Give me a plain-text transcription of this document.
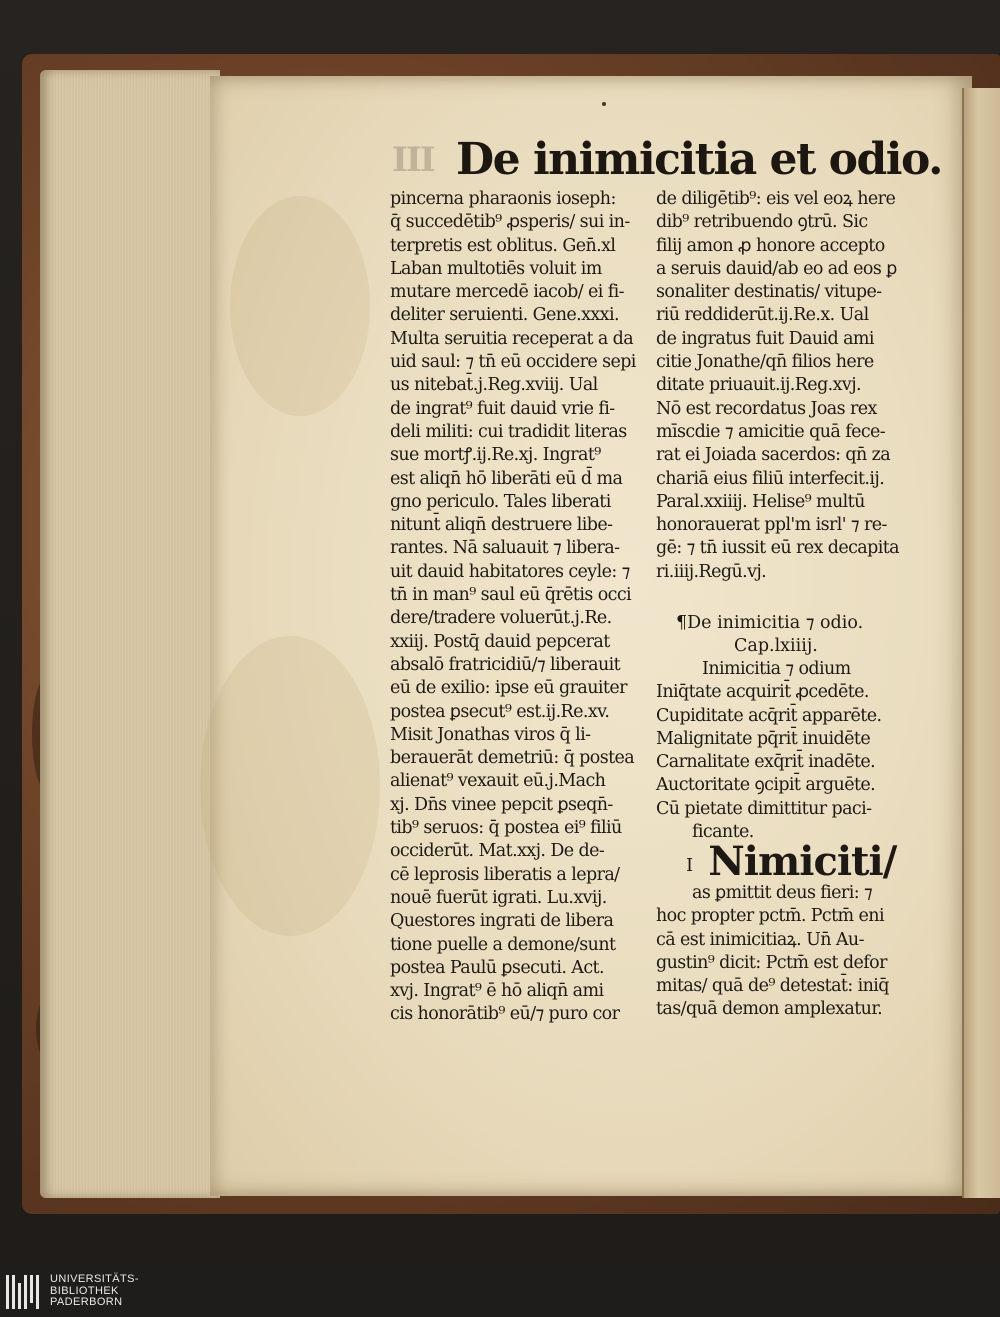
III De inimicitia et odio.
pincerna pharaonis ioseph:
q̄ succedētib⁹ ꝓsperis/ sui in-
terpretis est oblitus. Gen̄.xl
Laban multotiēs voluit im
mutare mercedē iacob/ ei fi-
deliter seruienti. Gene.xxxi.
Multa seruitia receperat a da
uid saul: ⁊ tn̄ eū occidere sepi
us nitebat̄.j.Reg.xviij. Ual
de ingrat⁹ fuit dauid vrie fi-
deli militi: cui tradidit literas
sue mortꝭ.ij.Re.xj. Ingrat⁹
est aliqn̄ hō liberāti eū d̄ ma
gno periculo. Tales liberati
nitunt̄ aliqn̄ destruere libe-
rantes. Nā saluauit ⁊ libera-
uit dauid habitatores ceyle: ⁊
tn̄ in man⁹ saul eū q̄rētis occi
dere/tradere voluerūt.j.Re.
xxiij. Postq̄ dauid pepcerat
absalō fratricidiū/⁊ liberauit
eū de exilio: ipse eū grauiter
postea ꝑsecut⁹ est.ij.Re.xv.
Misit Jonathas viros q̄ li-
berauerāt demetriū: q̄ postea
alienat⁹ vexauit eū.j.Mach
xj. Dn̄s vinee pepcit ꝑseqn̄-
tib⁹ seruos: q̄ postea ei⁹ filiū
occiderūt. Mat.xxj. De de-
cē leprosis liberatis a lepra/
nouē fuerūt igrati. Lu.xvij.
Questores ingrati de libera
tione puelle a demone/sunt
postea Paulū ꝑsecuti. Act.
xvj. Ingrat⁹ ē hō aliqn̄ ami
cis honorātib⁹ eū/⁊ puro cor
de diligētib⁹: eis vel eoꝝ here
dib⁹ retribuendo ꝯtrū. Sic
filij amon ꝓ honore accepto
a seruis dauid/ab eo ad eos ꝑ
sonaliter destinatis/ vitupe-
riū reddiderūt.ij.Re.x. Ual
de ingratus fuit Dauid ami
citie Jonathe/qn̄ filios here
ditate priuauit.ij.Reg.xvj.
Nō est recordatus Joas rex
mīscdie ⁊ amicitie quā fece-
rat ei Joiada sacerdos: qn̄ za
chariā eius filiū interfecit.ij.
Paral.xxiiij. Helise⁹ multū
honorauerat ppl'm isrl' ⁊ re-
gē: ⁊ tn̄ iussit eū rex decapita
ri.iiij.Regū.vj.
¶De inimicitia ⁊ odio.
Cap.lxiiij.
Inimicitia ⁊ odium
Iniq̄tate acquirit̄ ꝓcedēte.
Cupiditate acq̄rit̄ apparēte.
Malignitate pq̄rit̄ inuidēte
Carnalitate exq̄rit̄ inadēte.
Auctoritate ꝯcipit̄ arguēte.
Cū pietate dimittitur paci-
ficante.
I Nimiciti/
as ꝑmittit deus fieri: ⁊
hoc propter pctm̄. Pctm̄ eni
cā est inimicitiaꝝ. Un̄ Au-
gustin⁹ dicit: Pctm̄ est defor
mitas/ quā de⁹ detestat̄: iniq̄
tas/quā demon amplexatur.
UNIVERSITÄTS-
BIBLIOTHEK
PADERBORN
